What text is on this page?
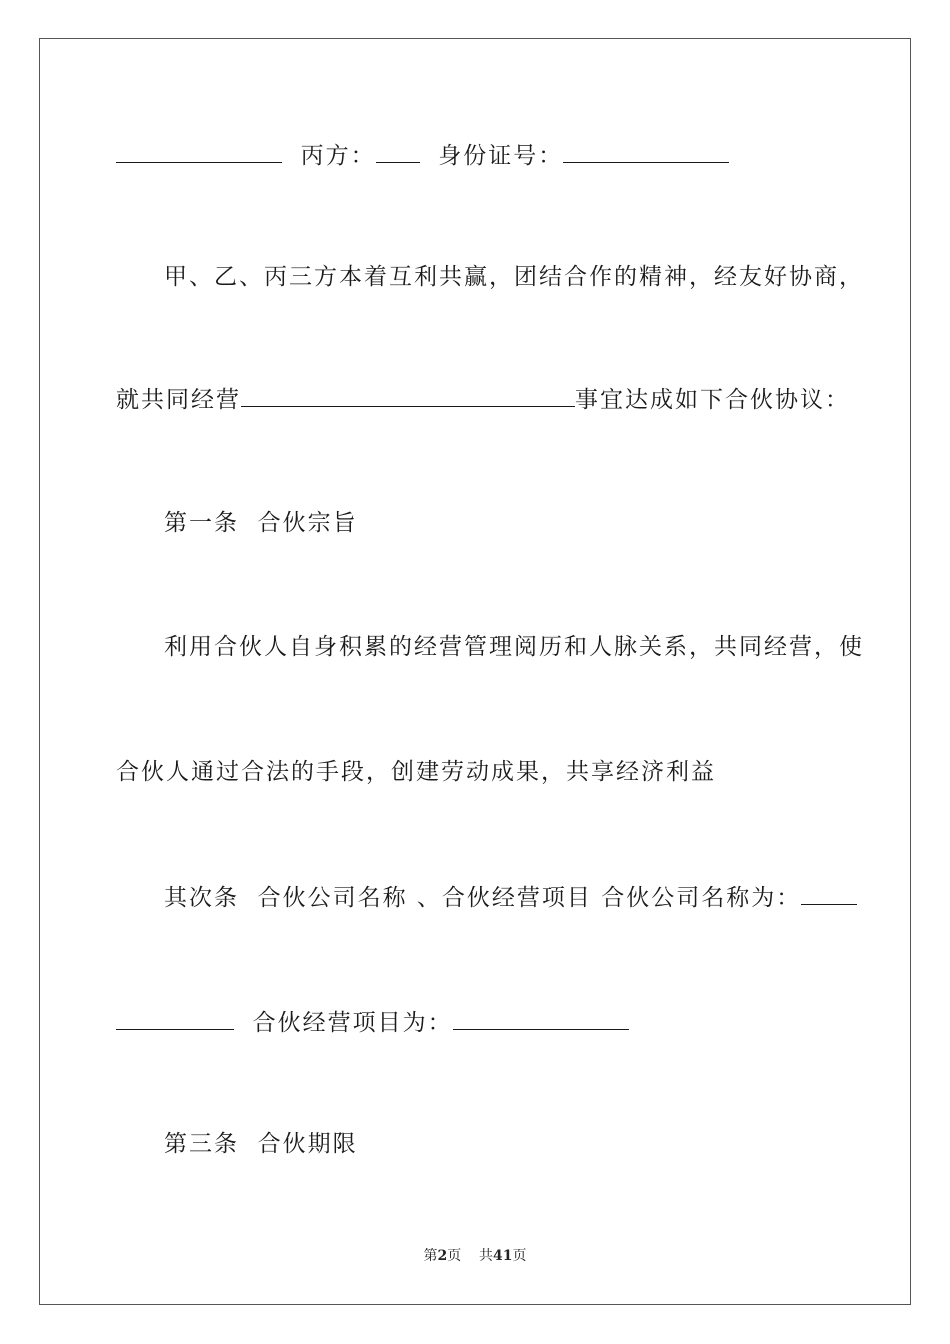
丙方：	身份证号：
甲、乙、丙三方本着互利共赢，团结合作的精神，经友好协商，
就共同经营	事宜达成如下合伙协议：
第一条  合伙宗旨
利用合伙人自身积累的经营管理阅历和人脉关系，共同经营，使
合伙人通过合法的手段，创建劳动成果，共享经济利益
其次条  合伙公司名称 、合伙经营项目 合伙公司名称为：
合伙经营项目为：
第三条  合伙期限
第2页 共41页
